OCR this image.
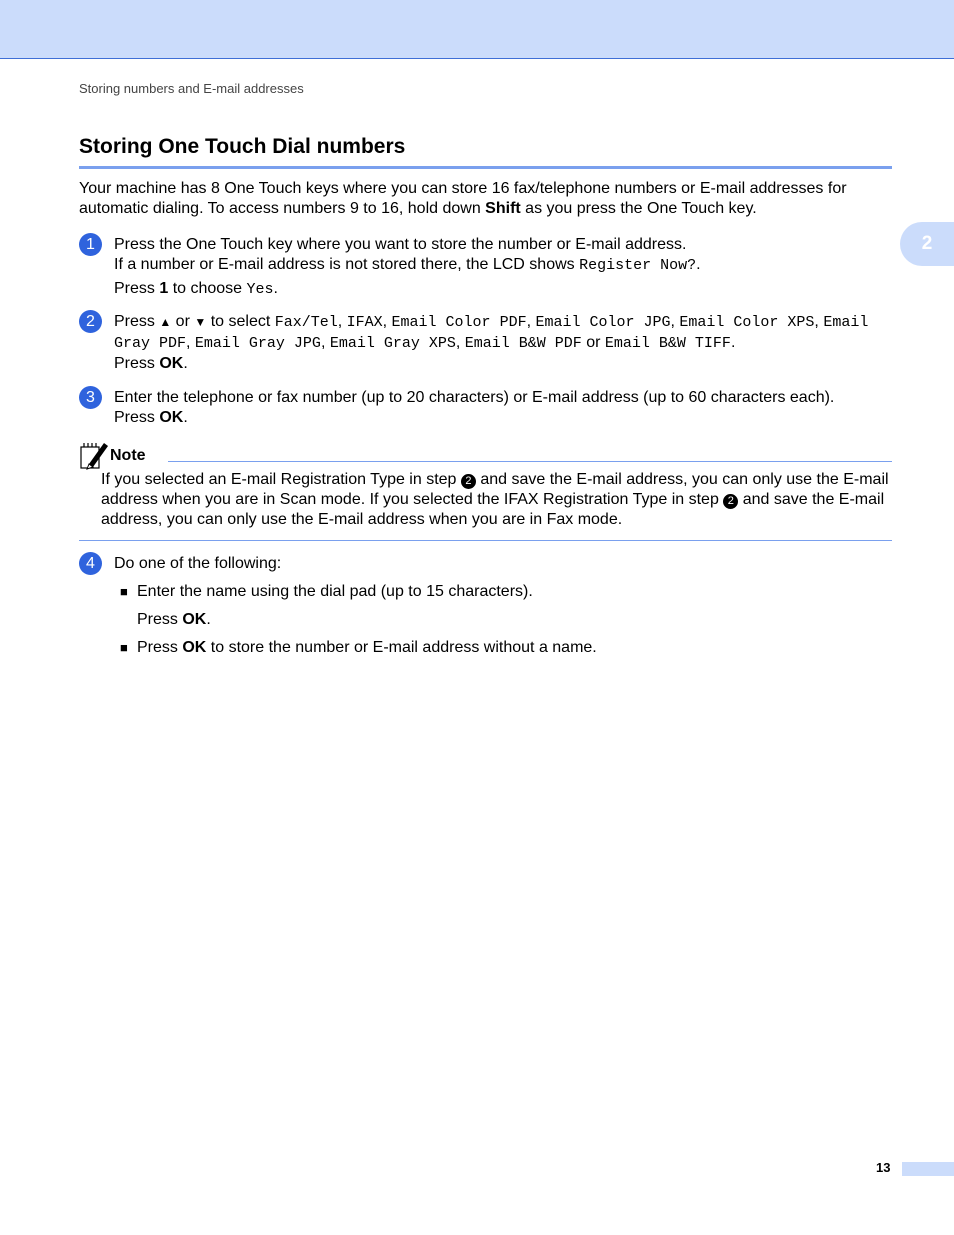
Storing numbers and E-mail addresses
2
Storing One Touch Dial numbers

Your machine has 8 One Touch keys where you can store 16 fax/telephone numbers or E-mail addresses for automatic dialing. To access numbers 9 to 16, hold down Shift as you press the One Touch key.

1	Press the One Touch key where you want to store the number or E-mail address.
If a number or E-mail address is not stored there, the LCD shows Register Now?.
Press 1 to choose Yes.
2	Press ▲ or ▼ to select Fax/Tel, IFAX, Email Color PDF, Email Color JPG, Email Color XPS, Email Gray PDF, Email Gray JPG, Email Gray XPS, Email B&W PDF or Email B&W TIFF.
Press OK.
3	Enter the telephone or fax number (up to 20 characters) or E-mail address (up to 60 characters each).
Press OK.
Note

If you selected an E-mail Registration Type in step 2 and save the E-mail address, you can only use the E-mail address when you are in Scan mode. If you selected the IFAX Registration Type in step 2 and save the E-mail address, you can only use the E-mail address when you are in Fax mode.

4	Do one of the following:
■ Enter the name using the dial pad (up to 15 characters).
Press OK.
■ Press OK to store the number or E-mail address without a name.
13
